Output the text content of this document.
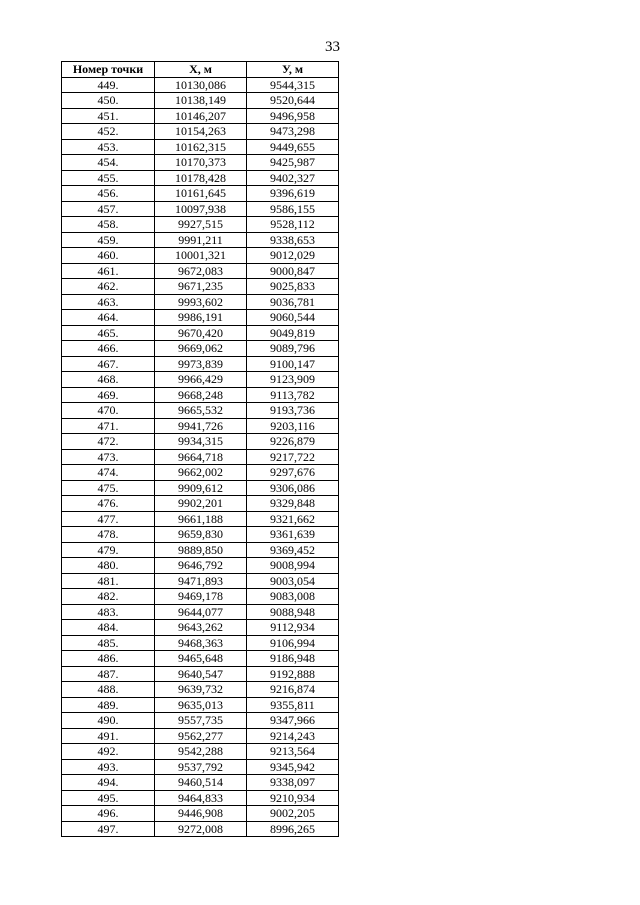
33
Номер точки	Х, м	У, м
449.	10130,086	9544,315
450.	10138,149	9520,644
451.	10146,207	9496,958
452.	10154,263	9473,298
453.	10162,315	9449,655
454.	10170,373	9425,987
455.	10178,428	9402,327
456.	10161,645	9396,619
457.	10097,938	9586,155
458.	9927,515	9528,112
459.	9991,211	9338,653
460.	10001,321	9012,029
461.	9672,083	9000,847
462.	9671,235	9025,833
463.	9993,602	9036,781
464.	9986,191	9060,544
465.	9670,420	9049,819
466.	9669,062	9089,796
467.	9973,839	9100,147
468.	9966,429	9123,909
469.	9668,248	9113,782
470.	9665,532	9193,736
471.	9941,726	9203,116
472.	9934,315	9226,879
473.	9664,718	9217,722
474.	9662,002	9297,676
475.	9909,612	9306,086
476.	9902,201	9329,848
477.	9661,188	9321,662
478.	9659,830	9361,639
479.	9889,850	9369,452
480.	9646,792	9008,994
481.	9471,893	9003,054
482.	9469,178	9083,008
483.	9644,077	9088,948
484.	9643,262	9112,934
485.	9468,363	9106,994
486.	9465,648	9186,948
487.	9640,547	9192,888
488.	9639,732	9216,874
489.	9635,013	9355,811
490.	9557,735	9347,966
491.	9562,277	9214,243
492.	9542,288	9213,564
493.	9537,792	9345,942
494.	9460,514	9338,097
495.	9464,833	9210,934
496.	9446,908	9002,205
497.	9272,008	8996,265
